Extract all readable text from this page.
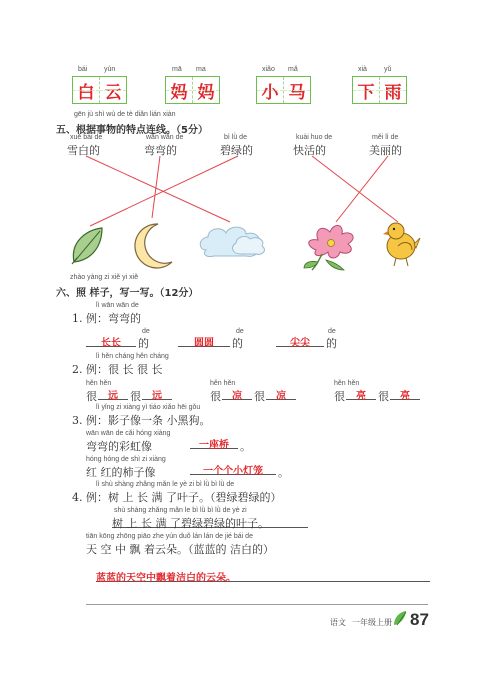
bái yún
白 云
mā ma
妈 妈
xiǎo mǎ
小 马
xià yǔ
下 雨
gēn jù shì wù de tè diǎn lián xiàn
五、根据事物的特点连线。（5分）
xuě bái de
雪白的
wān wān de
弯弯的
bì lǜ de
碧绿的
kuài huo de
快活的
měi lì de
美丽的
zhào yàng zi xiě yi xiě
六、照 样子，写一写。（12分）
lì wān wān de
1. 例：弯弯的
de
长长	的
de
圆圆	的
de
尖尖	的
lì hěn cháng hěn cháng
2. 例：很 长 很 长
hěn hěn
很	远	很	远
hěn hěn
很	凉	很	凉
hěn hěn
很	亮	很	亮
lì yǐng zi xiàng yì tiáo xiǎo hēi gǒu
3. 例：影子像一条 小黑狗。
wān wān de cǎi hóng xiàng
弯弯的彩虹像	一座桥	。
hóng hóng de shì zi xiàng
红 红的柿子像	一个个小灯笼	。
lì shù shàng zhǎng mǎn le yè zi bì lǜ bì lǜ de
4. 例：树 上 长 满 了叶子。（碧绿碧绿的）
shù shàng zhǎng mǎn le bì lǜ bì lǜ de yè zi
树 上 长 满 了碧绿碧绿的叶子。
tiān kōng zhōng piāo zhe yún duǒ lán lán de jié bái de
天 空 中 飘 着云朵。（蓝蓝的 洁白的）
蓝蓝的天空中飘着洁白的云朵。
语文 一年级上册 87
